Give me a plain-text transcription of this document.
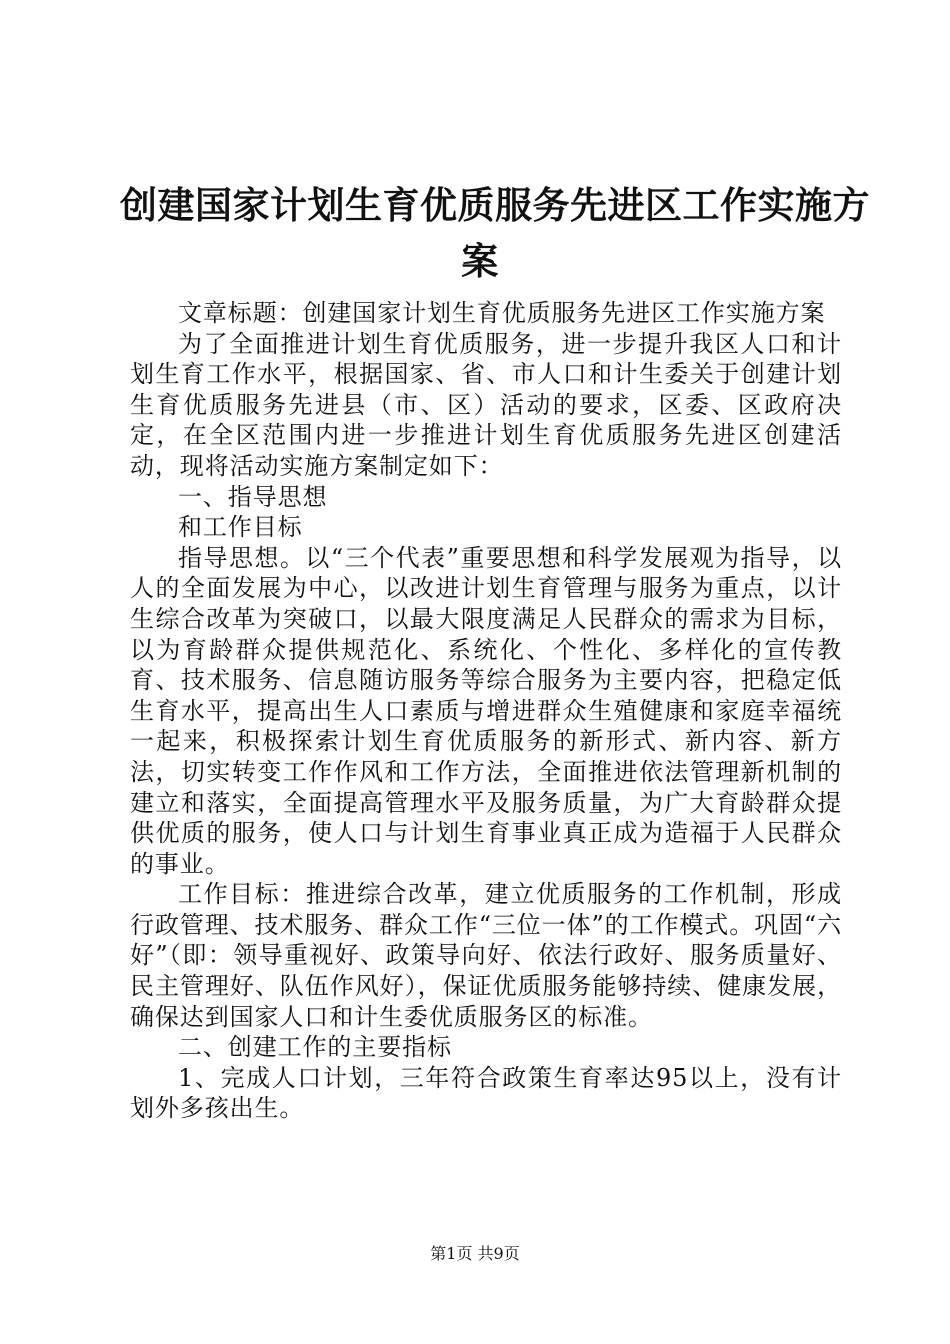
创建国家计划生育优质服务先进区工作实施方
案

文章标题：创建国家计划生育优质服务先进区工作实施方案

为了全面推进计划生育优质服务，进一步提升我区人口和计划生育工作水平，根据国家、省、市人口和计生委关于创建计划生育优质服务先进县（市、区）活动的要求，区委、区政府决定，在全区范围内进一步推进计划生育优质服务先进区创建活动，现将活动实施方案制定如下：

一、指导思想

和工作目标

指导思想。以“三个代表”重要思想和科学发展观为指导，以人的全面发展为中心，以改进计划生育管理与服务为重点，以计生综合改革为突破口，以最大限度满足人民群众的需求为目标，以为育龄群众提供规范化、系统化、个性化、多样化的宣传教育、技术服务、信息随访服务等综合服务为主要内容，把稳定低生育水平，提高出生人口素质与增进群众生殖健康和家庭幸福统一起来，积极探索计划生育优质服务的新形式、新内容、新方法，切实转变工作作风和工作方法，全面推进依法管理新机制的建立和落实，全面提高管理水平及服务质量，为广大育龄群众提供优质的服务，使人口与计划生育事业真正成为造福于人民群众的事业。

工作目标：推进综合改革，建立优质服务的工作机制，形成行政管理、技术服务、群众工作“三位一体”的工作模式。巩固“六好”（即：领导重视好、政策导向好、依法行政好、服务质量好、民主管理好、队伍作风好），保证优质服务能够持续、健康发展，确保达到国家人口和计生委优质服务区的标准。

二、创建工作的主要指标

1、完成人口计划，三年符合政策生育率达95以上，没有计划外多孩出生。

第1页 共9页
